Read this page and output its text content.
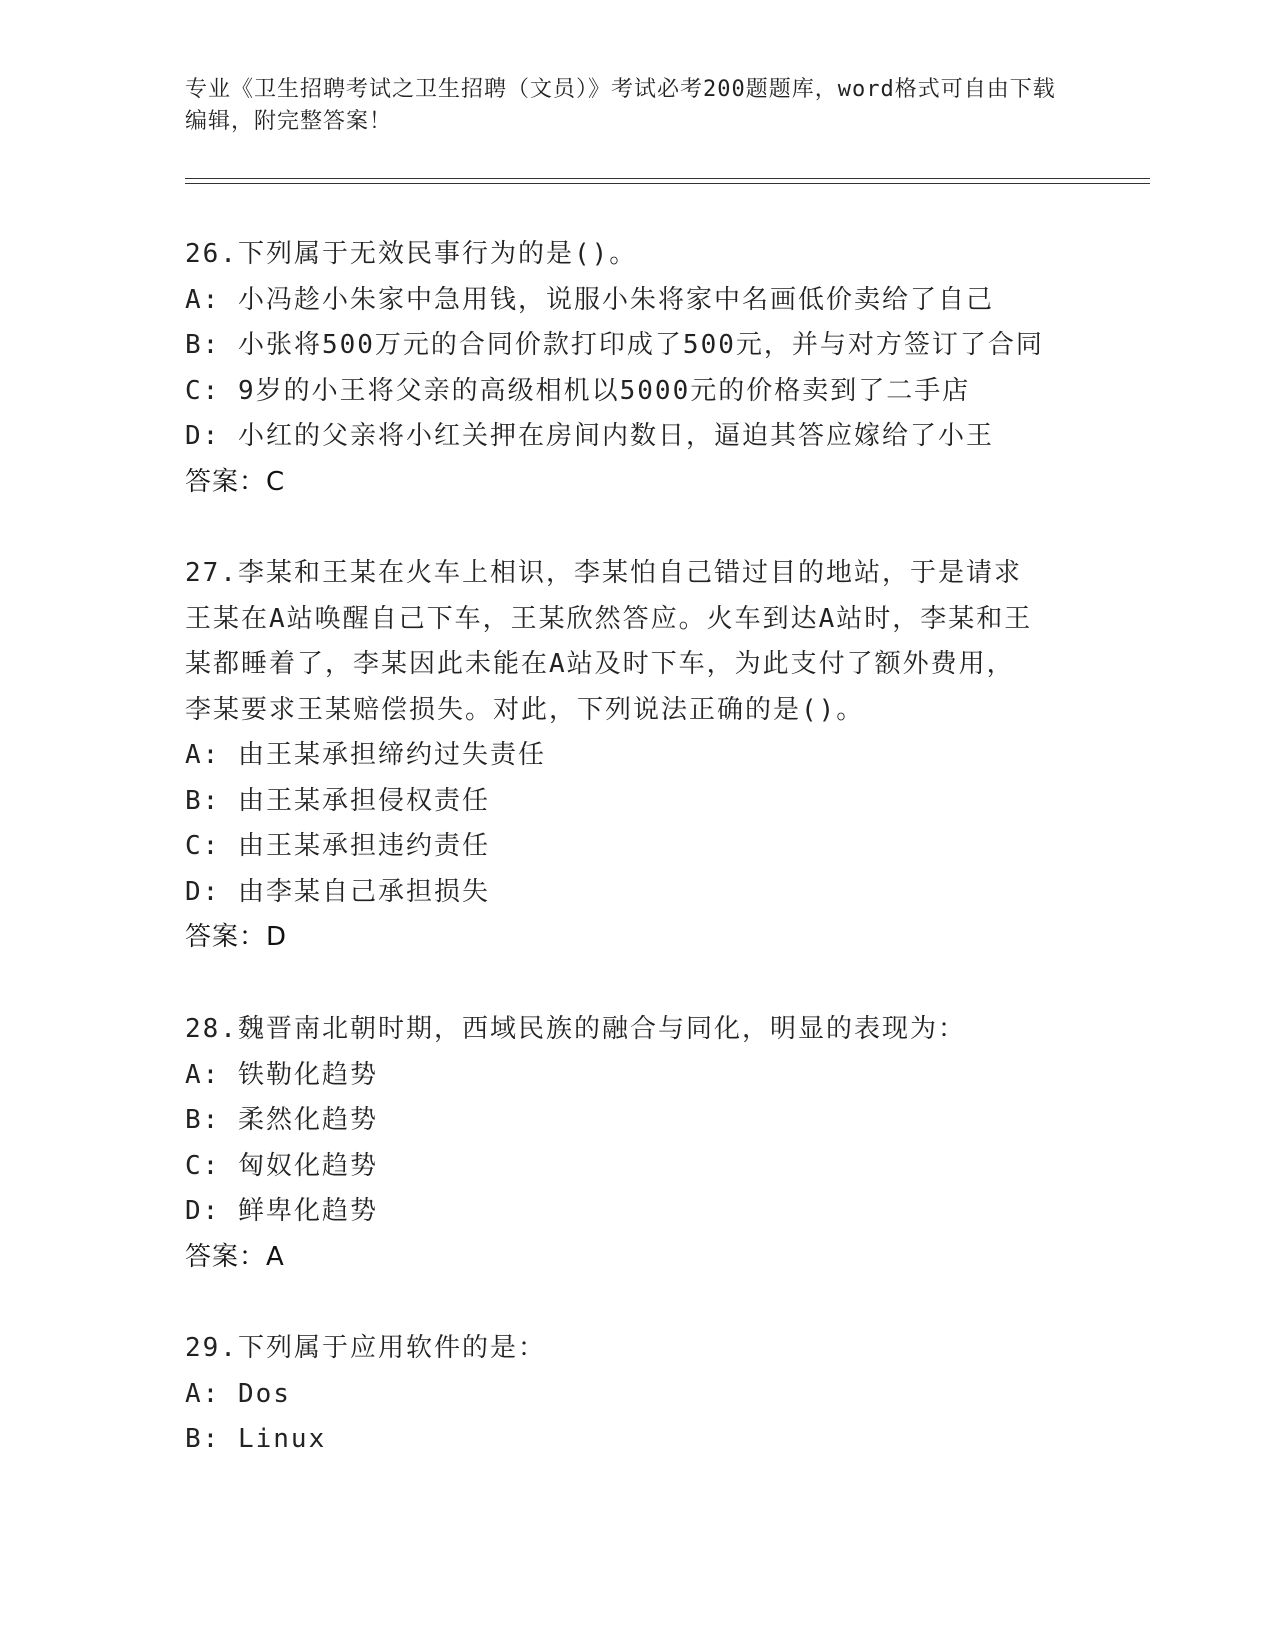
专业《卫生招聘考试之卫生招聘（文员）》考试必考200题题库，word格式可自由下载编辑，附完整答案！
26.下列属于无效民事行为的是()。
A: 小冯趁小朱家中急用钱，说服小朱将家中名画低价卖给了自己
B: 小张将500万元的合同价款打印成了500元，并与对方签订了合同
C: 9岁的小王将父亲的高级相机以5000元的价格卖到了二手店
D: 小红的父亲将小红关押在房间内数日，逼迫其答应嫁给了小王
答案：C
27.李某和王某在火车上相识，李某怕自己错过目的地站，于是请求王某在A站唤醒自己下车，王某欣然答应。火车到达A站时，李某和王某都睡着了，李某因此未能在A站及时下车，为此支付了额外费用，李某要求王某赔偿损失。对此，下列说法正确的是()。
A: 由王某承担缔约过失责任
B: 由王某承担侵权责任
C: 由王某承担违约责任
D: 由李某自己承担损失
答案：D
28.魏晋南北朝时期，西域民族的融合与同化，明显的表现为：
A: 铁勒化趋势
B: 柔然化趋势
C: 匈奴化趋势
D: 鲜卑化趋势
答案：A
29.下列属于应用软件的是：
A: Dos
B: Linux
